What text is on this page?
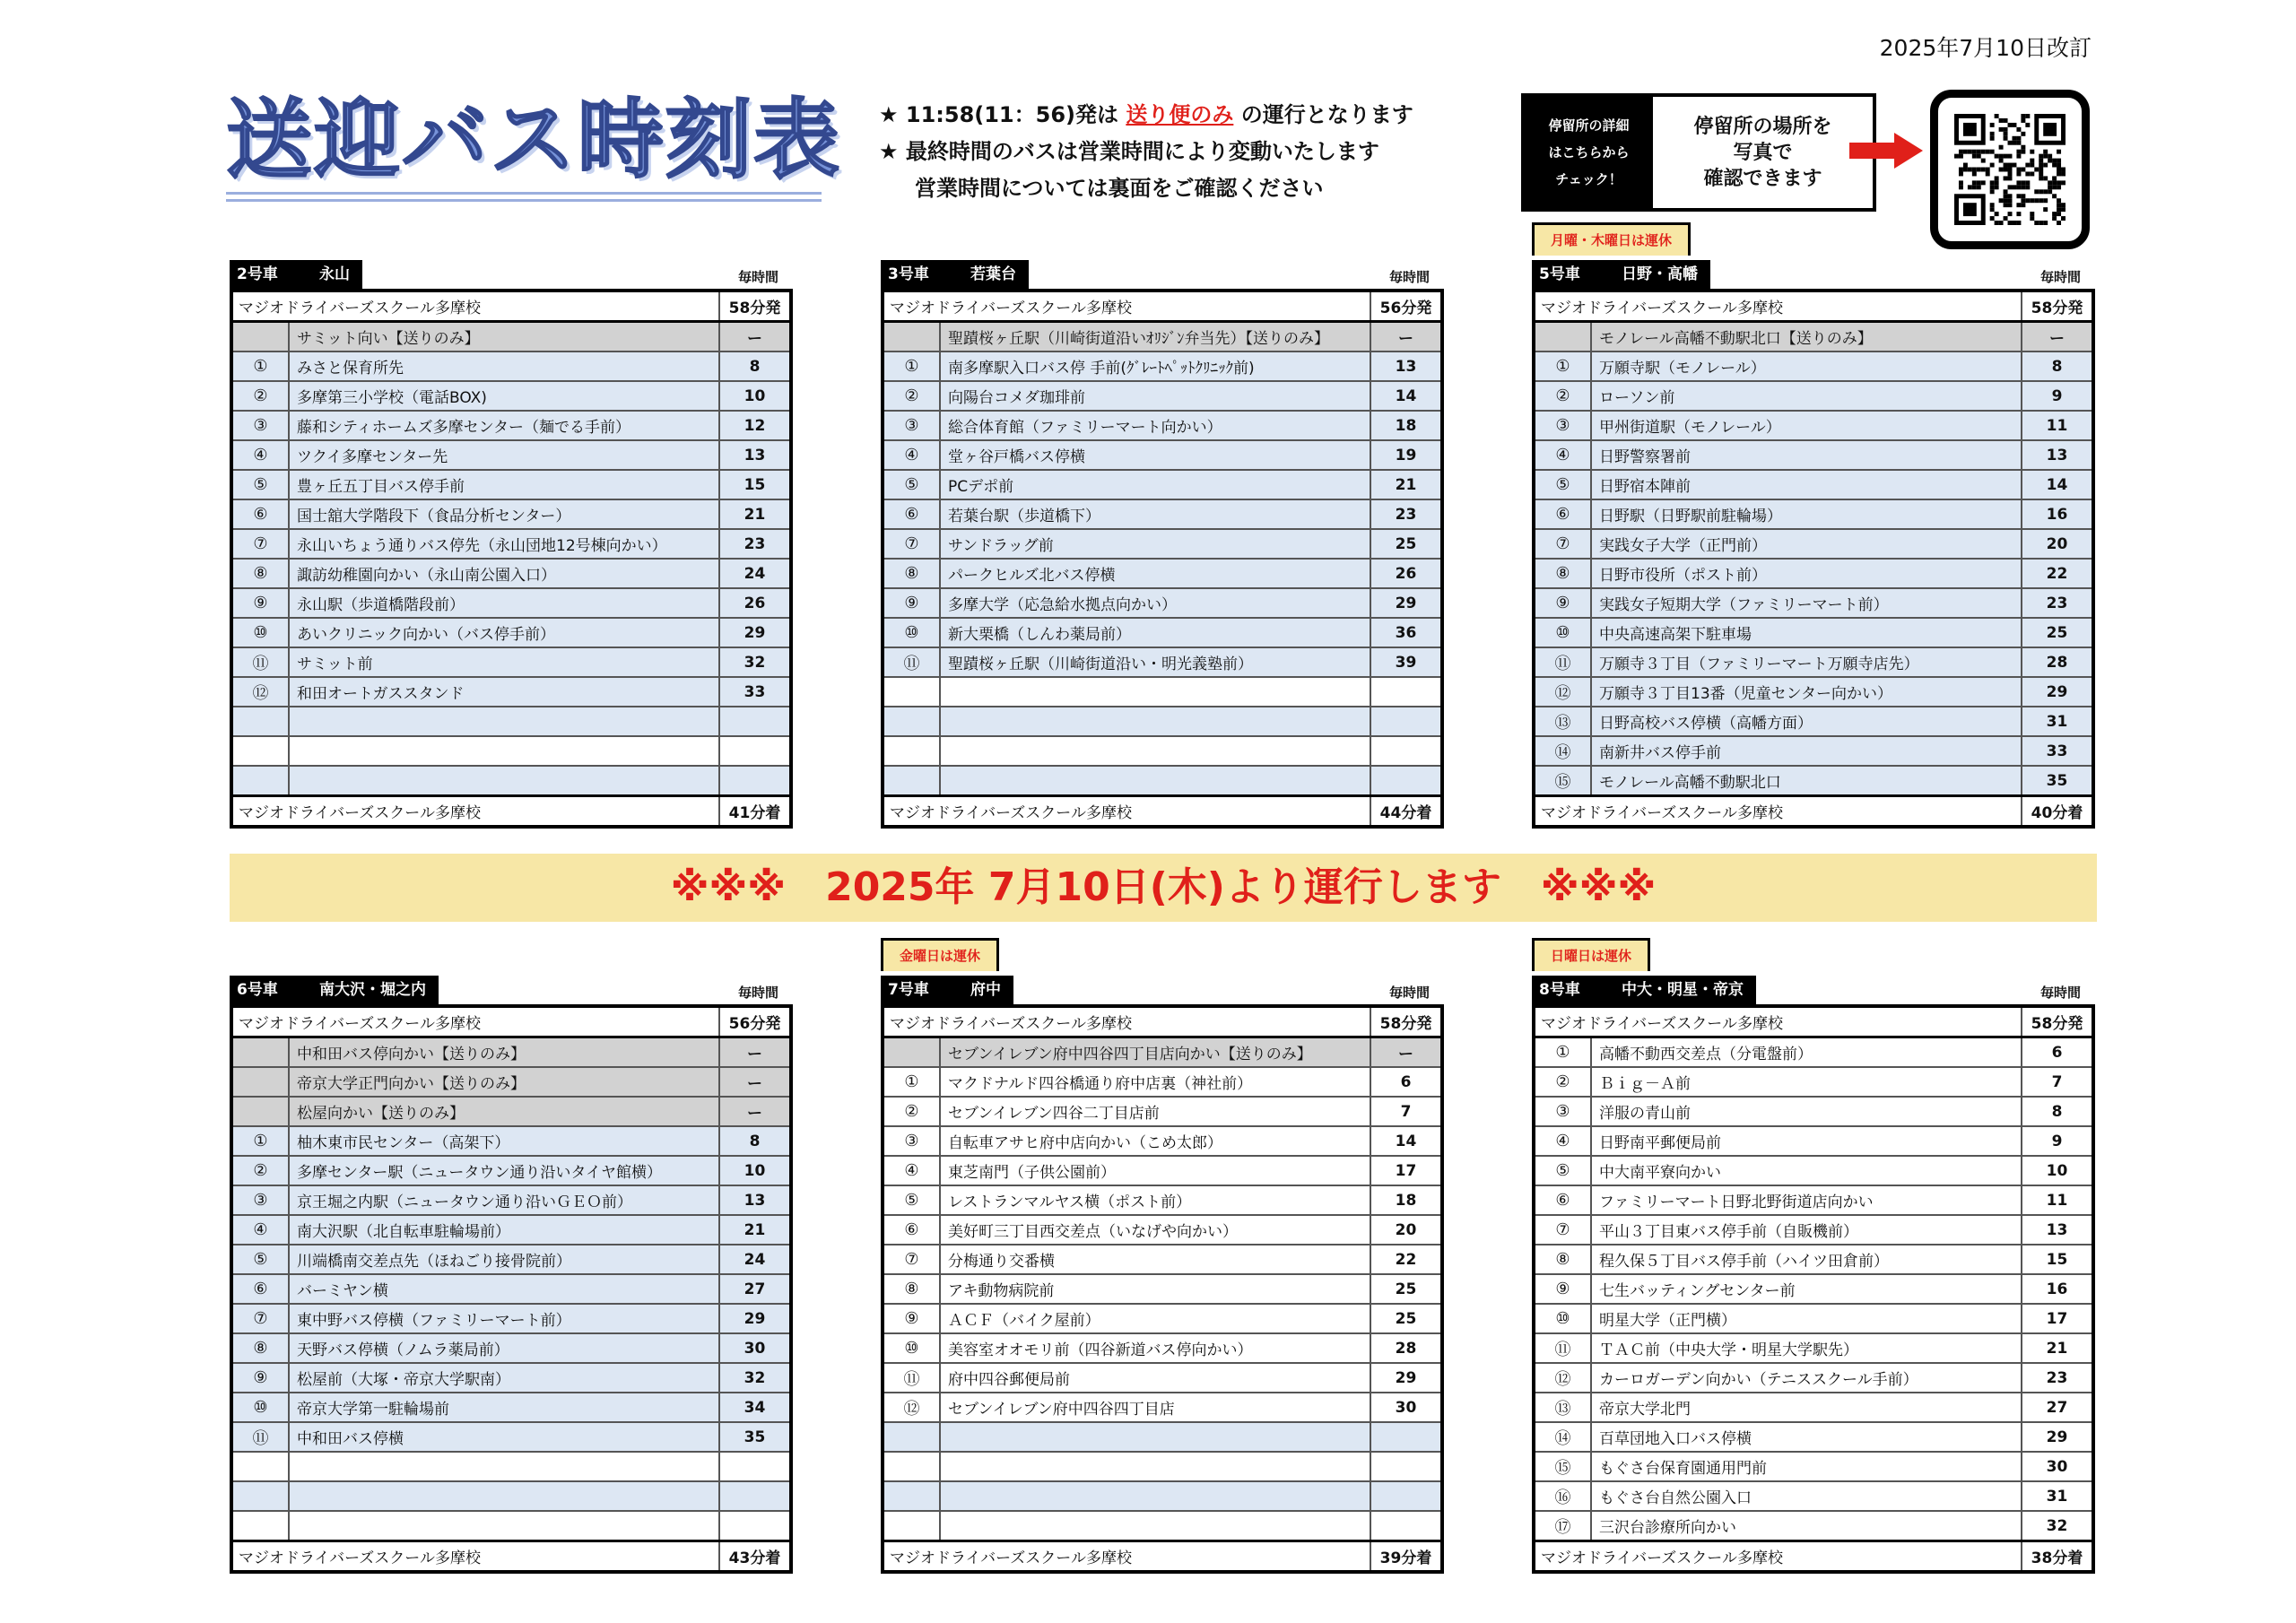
2025年7月10日改訂
送迎バス時刻表 ★ 11:58(11：56)発は 送り便のみ の運行となります
★ 最終時間のバスは営業時間により変動いたします
営業時間については裏面をご確認ください
停留所の詳細
はこちらから
チェック！
停留所の場所を
写真で
確認できます
2号車	永山	毎時間
マジオドライバーズスクール多摩校		58分発
	サミット向い【送りのみ】	ー
①	みさと保育所先	8
②	多摩第三小学校（電話BOX)	10
③	藤和シティホームズ多摩センター（麺でる手前）	12
④	ツクイ多摩センター先	13
⑤	豊ヶ丘五丁目バス停手前	15
⑥	国士舘大学階段下（食品分析センター）	21
⑦	永山いちょう通りバス停先（永山団地12号棟向かい）	23
⑧	諏訪幼稚園向かい（永山南公園入口）	24
⑨	永山駅（歩道橋階段前）	26
⑩	あいクリニック向かい（バス停手前）	29
⑪	サミット前	32
⑫	和田オートガススタンド	33

マジオドライバーズスクール多摩校		41分着
3号車	若葉台	毎時間
マジオドライバーズスクール多摩校		56分発
	聖蹟桜ヶ丘駅（川崎街道沿いｵﾘｼﾞﾝ弁当先）【送りのみ】	ー
①	南多摩駅入口バス停 手前(ｸﾞﾚｰﾄﾍﾟｯﾄｸﾘﾆｯｸ前)	13
②	向陽台コメダ珈琲前	14
③	総合体育館（ファミリーマート向かい）	18
④	堂ヶ谷戸橋バス停横	19
⑤	PCデポ前	21
⑥	若葉台駅（歩道橋下）	23
⑦	サンドラッグ前	25
⑧	パークヒルズ北バス停横	26
⑨	多摩大学（応急給水拠点向かい）	29
⑩	新大栗橋（しんわ薬局前）	36
⑪	聖蹟桜ヶ丘駅（川崎街道沿い・明光義塾前）	39

マジオドライバーズスクール多摩校		44分着
月曜・木曜日は運休
5号車	日野・高幡	毎時間
マジオドライバーズスクール多摩校		58分発
	モノレール高幡不動駅北口【送りのみ】	ー
①	万願寺駅（モノレール）	8
②	ローソン前	9
③	甲州街道駅（モノレール）	11
④	日野警察署前	13
⑤	日野宿本陣前	14
⑥	日野駅（日野駅前駐輪場）	16
⑦	実践女子大学（正門前）	20
⑧	日野市役所（ポスト前）	22
⑨	実践女子短期大学（ファミリーマート前）	23
⑩	中央高速高架下駐車場	25
⑪	万願寺３丁目（ファミリーマート万願寺店先）	28
⑫	万願寺３丁目13番（児童センター向かい）	29
⑬	日野高校バス停横（高幡方面）	31
⑭	南新井バス停手前	33
⑮	モノレール高幡不動駅北口	35
マジオドライバーズスクール多摩校		40分着
※※※　2025年 7月10日(木)より運行します　※※※
6号車	南大沢・堀之内	毎時間
マジオドライバーズスクール多摩校		56分発
	中和田バス停向かい【送りのみ】	ー
	帝京大学正門向かい【送りのみ】	ー
	松屋向かい【送りのみ】	ー
①	柚木東市民センター（高架下）	8
②	多摩センター駅（ニュータウン通り沿いタイヤ館横）	10
③	京王堀之内駅（ニュータウン通り沿いＧＥＯ前）	13
④	南大沢駅（北自転車駐輪場前）	21
⑤	川端橋南交差点先（ほねごり接骨院前）	24
⑥	バーミヤン横	27
⑦	東中野バス停横（ファミリーマート前）	29
⑧	天野バス停横（ノムラ薬局前）	30
⑨	松屋前（大塚・帝京大学駅南）	32
⑩	帝京大学第一駐輪場前	34
⑪	中和田バス停横	35

マジオドライバーズスクール多摩校		43分着
金曜日は運休
7号車	府中	毎時間
マジオドライバーズスクール多摩校		58分発
	セブンイレブン府中四谷四丁目店向かい【送りのみ】	ー
①	マクドナルド四谷橋通り府中店裏（神社前）	6
②	セブンイレブン四谷二丁目店前	7
③	自転車アサヒ府中店向かい（こめ太郎）	14
④	東芝南門（子供公園前）	17
⑤	レストランマルヤス横（ポスト前）	18
⑥	美好町三丁目西交差点（いなげや向かい）	20
⑦	分梅通り交番横	22
⑧	アキ動物病院前	25
⑨	ＡＣＦ（バイク屋前）	25
⑩	美容室オオモリ前（四谷新道バス停向かい）	28
⑪	府中四谷郵便局前	29
⑫	セブンイレブン府中四谷四丁目店	30

マジオドライバーズスクール多摩校		39分着
日曜日は運休
8号車	中大・明星・帝京	毎時間
マジオドライバーズスクール多摩校		58分発
①	高幡不動西交差点（分電盤前）	6
②	Ｂｉｇ－Ａ前	7
③	洋服の青山前	8
④	日野南平郵便局前	9
⑤	中大南平寮向かい	10
⑥	ファミリーマート日野北野街道店向かい	11
⑦	平山３丁目東バス停手前（自販機前）	13
⑧	程久保５丁目バス停手前（ハイツ田倉前）	15
⑨	七生バッティングセンター前	16
⑩	明星大学（正門横）	17
⑪	ＴＡＣ前（中央大学・明星大学駅先）	21
⑫	カーロガーデン向かい（テニススクール手前）	23
⑬	帝京大学北門	27
⑭	百草団地入口バス停横	29
⑮	もぐさ台保育園通用門前	30
⑯	もぐさ台自然公園入口	31
⑰	三沢台診療所向かい	32
マジオドライバーズスクール多摩校		38分着
